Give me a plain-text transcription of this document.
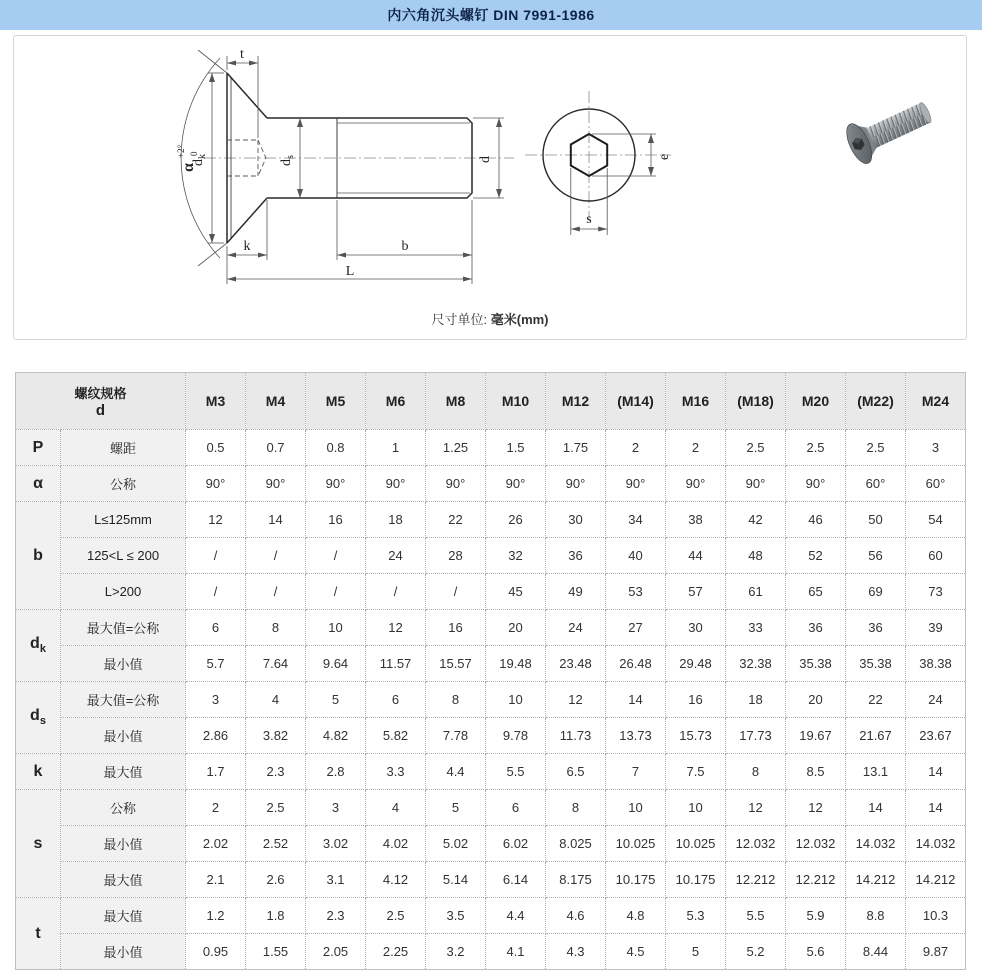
内六角沉头螺钉 DIN 7991-1986
α
+2° 0
t
$d_k$
$d_s$	d
k	b
L
e
s
尺寸单位: 毫米(mm)
螺纹规格
d		M3	M4	M5	M6	M8	M10	M12	(M14)	M16	(M18)	M20	(M22)	M24
P	螺距	0.5	0.7	0.8	1	1.25	1.5	1.75	2	2	2.5	2.5	2.5	3
α	公称	90°	90°	90°	90°	90°	90°	90°	90°	90°	90°	90°	60°	60°
b	L≤125mm	12	14	16	18	22	26	30	34	38	42	46	50	54
	125<L ≤ 200	/	/	/	24	28	32	36	40	44	48	52	56	60
	L>200	/	/	/	/	/	45	49	53	57	61	65	69	73
$d_k$	最大值=公称	6	8	10	12	16	20	24	27	30	33	36	36	39
	最小值	5.7	7.64	9.64	11.57	15.57	19.48	23.48	26.48	29.48	32.38	35.38	35.38	38.38
$d_s$	最大值=公称	3	4	5	6	8	10	12	14	16	18	20	22	24
	最小值	2.86	3.82	4.82	5.82	7.78	9.78	11.73	13.73	15.73	17.73	19.67	21.67	23.67
k	最大值	1.7	2.3	2.8	3.3	4.4	5.5	6.5	7	7.5	8	8.5	13.1	14
s	公称	2	2.5	3	4	5	6	8	10	10	12	12	14	14
	最小值	2.02	2.52	3.02	4.02	5.02	6.02	8.025	10.025	10.025	12.032	12.032	14.032	14.032
	最大值	2.1	2.6	3.1	4.12	5.14	6.14	8.175	10.175	10.175	12.212	12.212	14.212	14.212
t	最大值	1.2	1.8	2.3	2.5	3.5	4.4	4.6	4.8	5.3	5.5	5.9	8.8	10.3
	最小值	0.95	1.55	2.05	2.25	3.2	4.1	4.3	4.5	5	5.2	5.6	8.44	9.87
